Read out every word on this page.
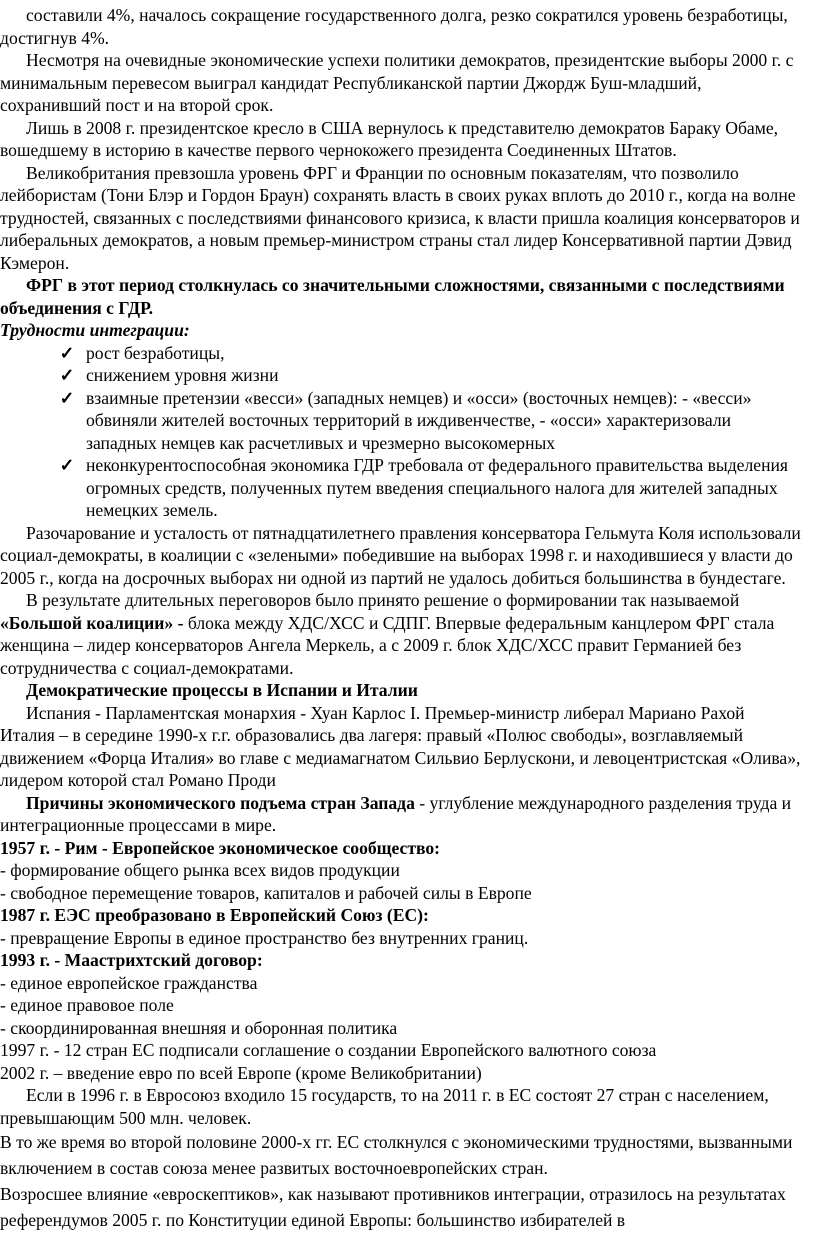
составили 4%, началось сокращение государственного долга, резко сократился уровень безработицы, достигнув 4%.

Несмотря на очевидные экономические успехи политики демократов, президентские выборы 2000 г. с минимальным перевесом выиграл кандидат Республиканской партии Джордж Буш-младший, сохранивший пост и на второй срок.

Лишь в 2008 г. президентское кресло в США вернулось к представителю демократов Бараку Обаме, вошедшему в историю в качестве первого чернокожего президента Соединенных Штатов.

Великобритания превзошла уровень ФРГ и Франции по основным показателям, что позволило лейбористам (Тони Блэр и Гордон Браун) сохранять власть в своих руках вплоть до 2010 г., когда на волне трудностей, связанных с последствиями финансового кризиса, к власти пришла коалиция консерваторов и либеральных демократов, а новым премьер-министром страны стал лидер Консервативной партии Дэвид Кэмерон.

ФРГ в этот период столкнулась со значительными сложностями, связанными с последствиями объединения с ГДР.

Трудности интеграции:

✓ рост безработицы,
✓ снижением уровня жизни
✓ взаимные претензии «весси» (западных немцев) и «осси» (восточных немцев): - «весси» обвиняли жителей восточных территорий в иждивенчестве, - «осси» характеризовали западных немцев как расчетливых и чрезмерно высокомерных
✓ неконкурентоспособная экономика ГДР требовала от федерального правительства выделения огромных средств, полученных путем введения специального налога для жителей западных немецких земель.

Разочарование и усталость от пятнадцатилетнего правления консерватора Гельмута Коля использовали социал-демократы, в коалиции с «зелеными» победившие на выборах 1998 г. и находившиеся у власти до 2005 г., когда на досрочных выборах ни одной из партий не удалось добиться большинства в бундестаге.

В результате длительных переговоров было принято решение о формировании так называемой «Большой коалиции» - блока между ХДС/ХСС и СДПГ. Впервые федеральным канцлером ФРГ стала женщина – лидер консерваторов Ангела Меркель, а с 2009 г. блок ХДС/ХСС правит Германией без сотрудничества с социал-демократами.

Демократические процессы в Испании и Италии

Испания - Парламентская монархия - Хуан Карлос I. Премьер-министр либерал Мариано Рахой

Италия – в середине 1990-х г.г. образовались два лагеря: правый «Полюс свободы», возглавляемый движением «Форца Италия» во главе с медиамагнатом Сильвио Берлускони, и левоцентристская «Олива», лидером которой стал Романо Проди

Причины экономического подъема стран Запада - углубление международного разделения труда и интеграционные процессами в мире.

1957 г. - Рим - Европейское экономическое сообщество:

- формирование общего рынка всех видов продукции

- свободное перемещение товаров, капиталов и рабочей силы в Европе

1987 г. ЕЭС преобразовано в Европейский Союз (ЕС):

- превращение Европы в единое пространство без внутренних границ.

1993 г. - Маастрихтский договор:

- единое европейское гражданства

- единое правовое поле

- скоординированная внешняя и оборонная политика

1997 г. - 12 стран ЕС подписали соглашение о создании Европейского валютного союза

2002 г. – введение евро по всей Европе (кроме Великобритании)

Если в 1996 г. в Евросоюз входило 15 государств, то на 2011 г. в ЕС состоят 27 стран с населением, превышающим 500 млн. человек.

В то же время во второй половине 2000-х гг. ЕС столкнулся с экономическими трудностями, вызванными включением в состав союза менее развитых восточноевропейских стран.

Возросшее влияние «евроскептиков», как называют противников интеграции, отразилось на результатах референдумов 2005 г. по Конституции единой Европы: большинство избирателей в
